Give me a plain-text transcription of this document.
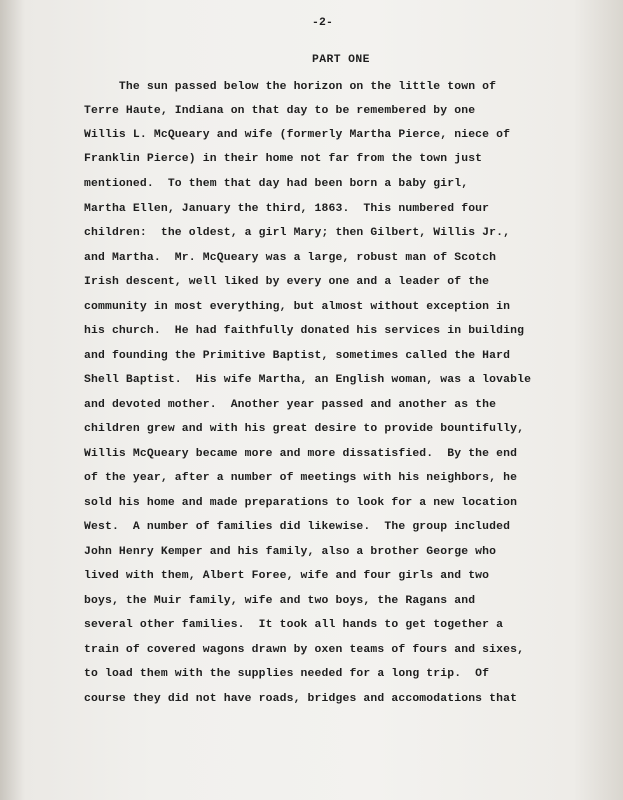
-2-
PART ONE
The sun passed below the horizon on the little town of
Terre Haute, Indiana on that day to be remembered by one
Willis L. McQueary and wife (formerly Martha Pierce, niece of
Franklin Pierce) in their home not far from the town just
mentioned.  To them that day had been born a baby girl,
Martha Ellen, January the third, 1863.  This numbered four
children:  the oldest, a girl Mary; then Gilbert, Willis Jr.,
and Martha.  Mr. McQueary was a large, robust man of Scotch
Irish descent, well liked by every one and a leader of the
community in most everything, but almost without exception in
his church.  He had faithfully donated his services in building
and founding the Primitive Baptist, sometimes called the Hard
Shell Baptist.  His wife Martha, an English woman, was a lovable
and devoted mother.  Another year passed and another as the
children grew and with his great desire to provide bountifully,
Willis McQueary became more and more dissatisfied.  By the end
of the year, after a number of meetings with his neighbors, he
sold his home and made preparations to look for a new location
West.  A number of families did likewise.  The group included
John Henry Kemper and his family, also a brother George who
lived with them, Albert Foree, wife and four girls and two
boys, the Muir family, wife and two boys, the Ragans and
several other families.  It took all hands to get together a
train of covered wagons drawn by oxen teams of fours and sixes,
to load them with the supplies needed for a long trip.  Of
course they did not have roads, bridges and accomodations that
